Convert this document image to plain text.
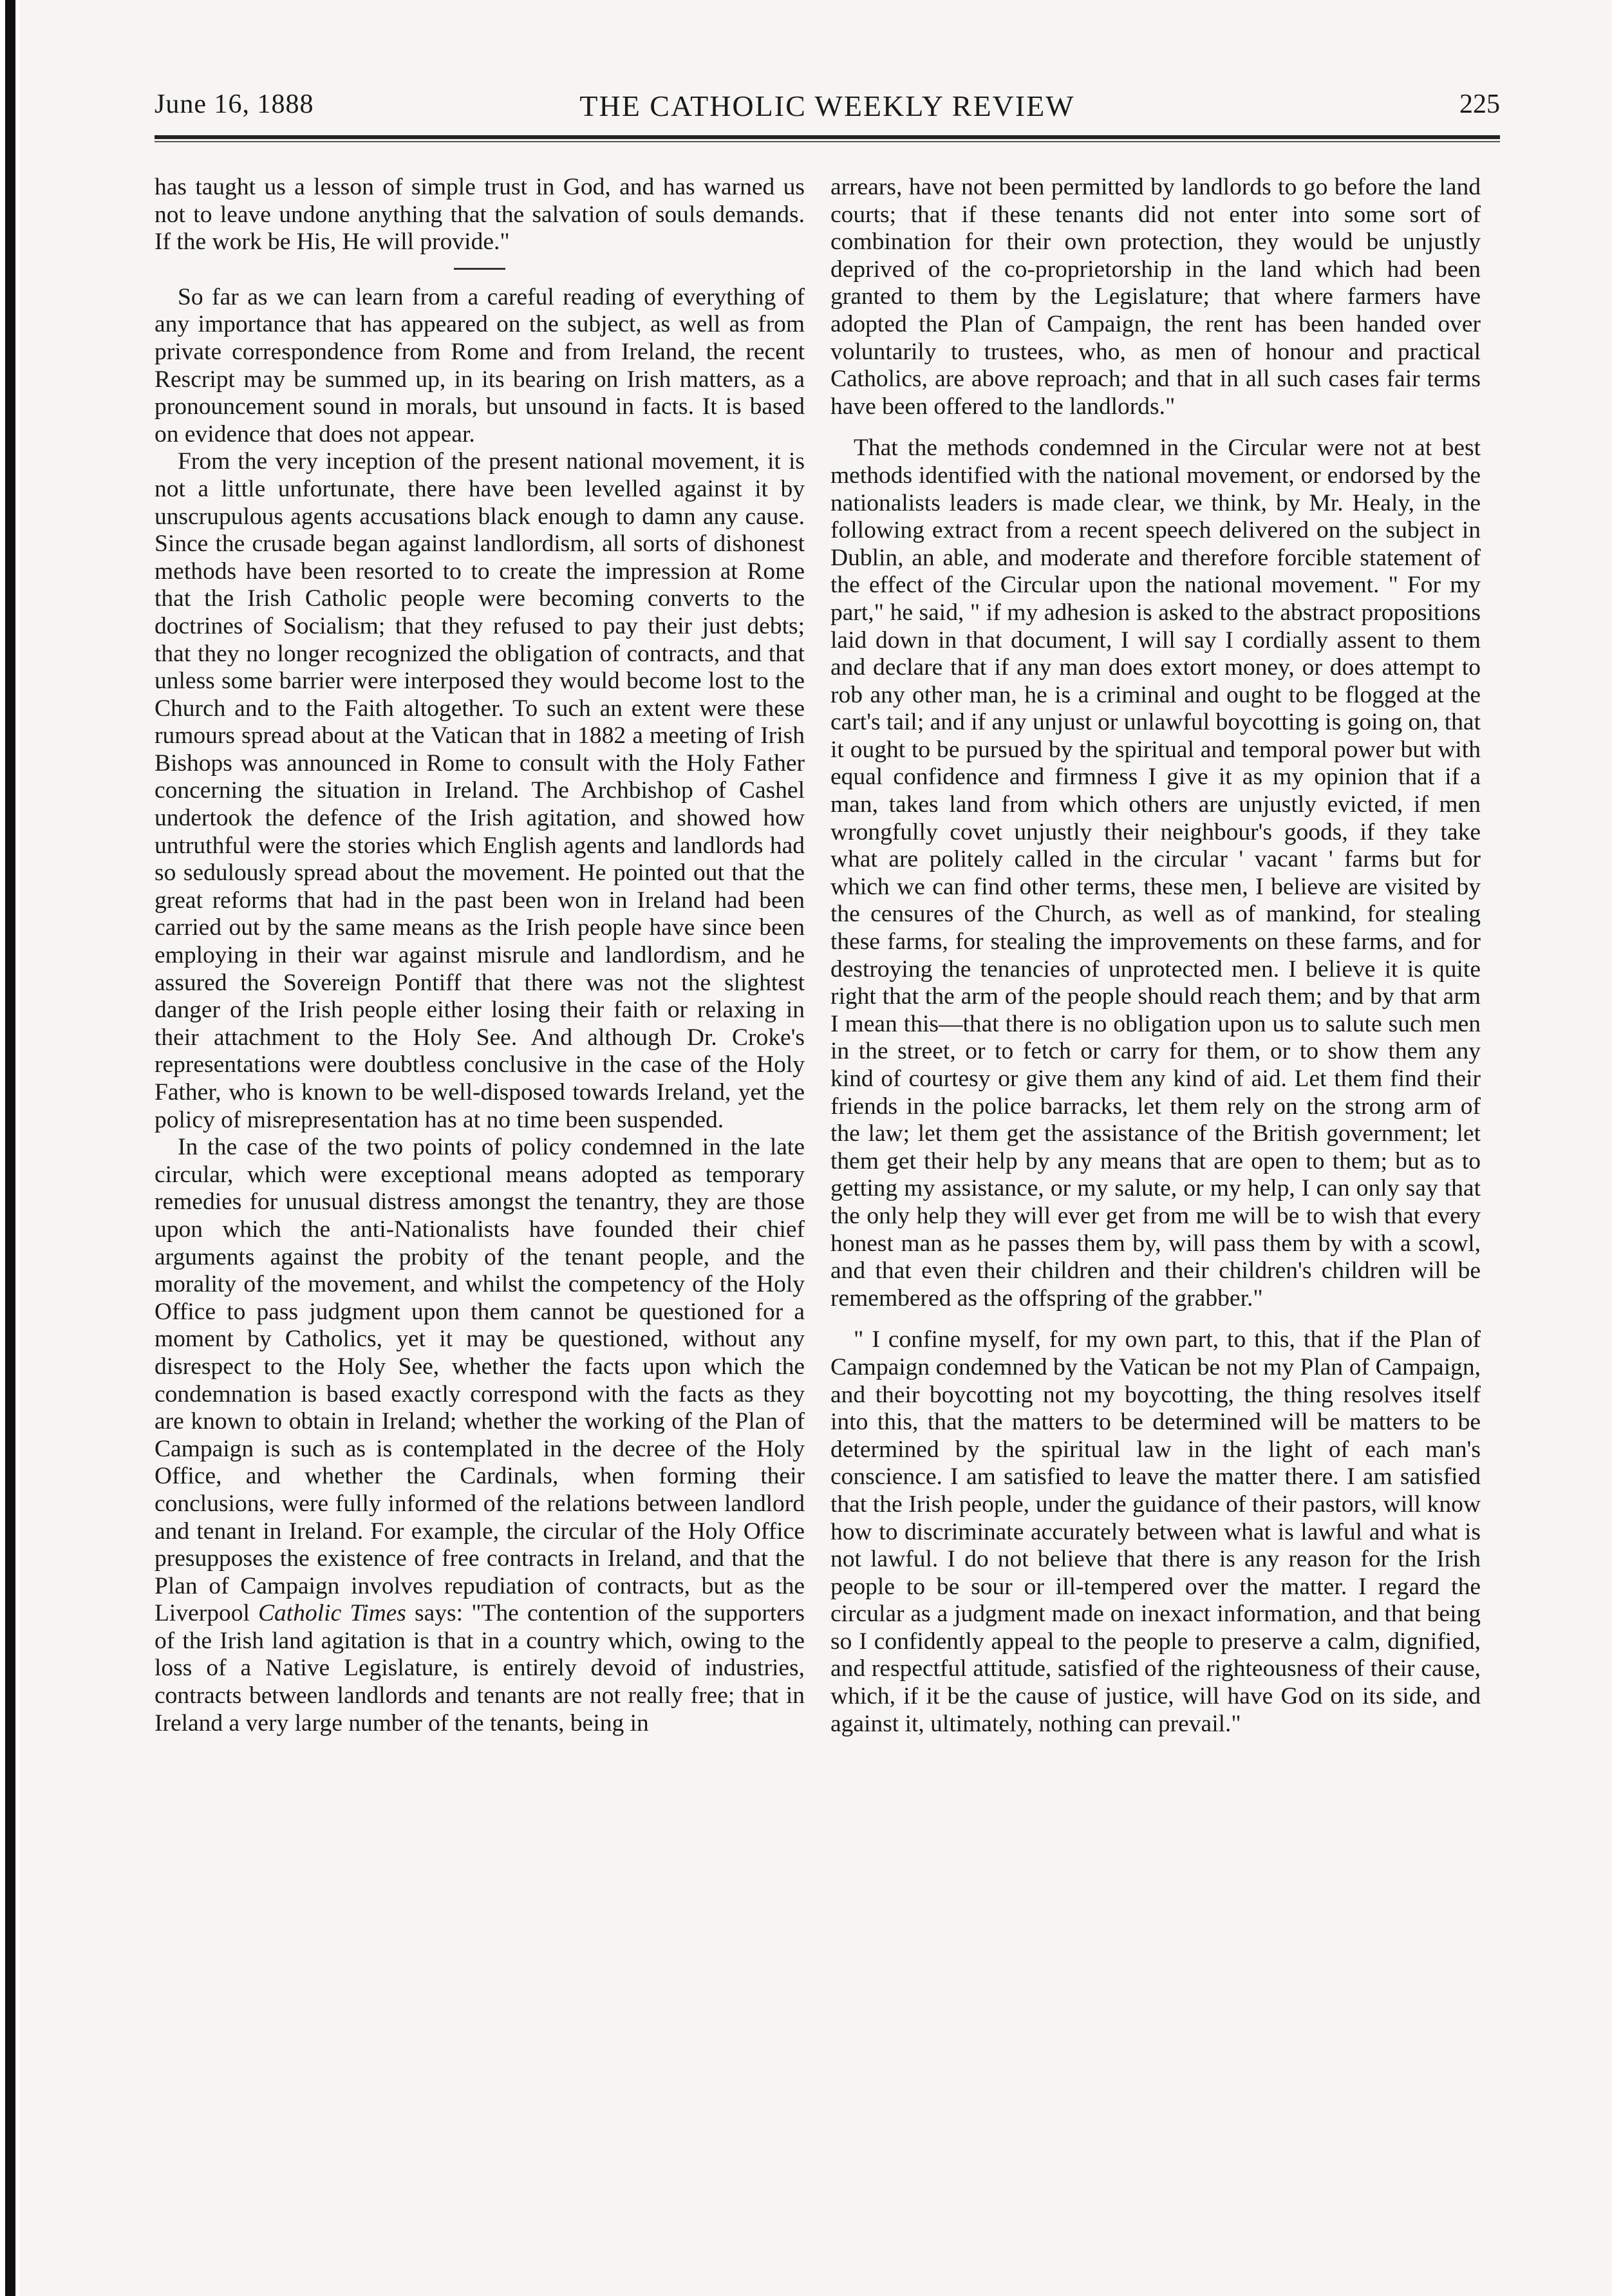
June 16, 1888	THE CATHOLIC WEEKLY REVIEW	225

has taught us a lesson of simple trust in God, and has warned us not to leave undone anything that the salvation of souls demands. If the work be His, He will provide."

So far as we can learn from a careful reading of everything of any importance that has appeared on the subject, as well as from private correspondence from Rome and from Ireland, the recent Rescript may be summed up, in its bearing on Irish matters, as a pronouncement sound in morals, but unsound in facts. It is based on evidence that does not appear.

From the very inception of the present national movement, it is not a little unfortunate, there have been levelled against it by unscrupulous agents accusations black enough to damn any cause. Since the crusade began against landlordism, all sorts of dishonest methods have been resorted to to create the impression at Rome that the Irish Catholic people were becoming converts to the doctrines of Socialism; that they refused to pay their just debts; that they no longer recognized the obligation of contracts, and that unless some barrier were interposed they would become lost to the Church and to the Faith altogether. To such an extent were these rumours spread about at the Vatican that in 1882 a meeting of Irish Bishops was announced in Rome to consult with the Holy Father concerning the situation in Ireland. The Archbishop of Cashel undertook the defence of the Irish agitation, and showed how untruthful were the stories which English agents and landlords had so sedulously spread about the movement. He pointed out that the great reforms that had in the past been won in Ireland had been carried out by the same means as the Irish people have since been employing in their war against misrule and landlordism, and he assured the Sovereign Pontiff that there was not the slightest danger of the Irish people either losing their faith or relaxing in their attachment to the Holy See. And although Dr. Croke's representations were doubtless conclusive in the case of the Holy Father, who is known to be well-disposed towards Ireland, yet the policy of misrepresentation has at no time been suspended.

In the case of the two points of policy condemned in the late circular, which were exceptional means adopted as temporary remedies for unusual distress amongst the tenantry, they are those upon which the anti-Nationalists have founded their chief arguments against the probity of the tenant people, and the morality of the movement, and whilst the competency of the Holy Office to pass judgment upon them cannot be questioned for a moment by Catholics, yet it may be questioned, without any disrespect to the Holy See, whether the facts upon which the condemnation is based exactly correspond with the facts as they are known to obtain in Ireland; whether the working of the Plan of Campaign is such as is contemplated in the decree of the Holy Office, and whether the Cardinals, when forming their conclusions, were fully informed of the relations between landlord and tenant in Ireland. For example, the circular of the Holy Office presupposes the existence of free contracts in Ireland, and that the Plan of Campaign involves repudiation of contracts, but as the Liverpool Catholic Times says: "The contention of the supporters of the Irish land agitation is that in a country which, owing to the loss of a Native Legislature, is entirely devoid of industries, contracts between landlords and tenants are not really free; that in Ireland a very large number of the tenants, being in

arrears, have not been permitted by landlords to go before the land courts; that if these tenants did not enter into some sort of combination for their own protection, they would be unjustly deprived of the co-proprietorship in the land which had been granted to them by the Legislature; that where farmers have adopted the Plan of Campaign, the rent has been handed over voluntarily to trustees, who, as men of honour and practical Catholics, are above reproach; and that in all such cases fair terms have been offered to the landlords."

That the methods condemned in the Circular were not at best methods identified with the national movement, or endorsed by the nationalists leaders is made clear, we think, by Mr. Healy, in the following extract from a recent speech delivered on the subject in Dublin, an able, and moderate and therefore forcible statement of the effect of the Circular upon the national movement. " For my part," he said, " if my adhesion is asked to the abstract propositions laid down in that document, I will say I cordially assent to them and declare that if any man does extort money, or does attempt to rob any other man, he is a criminal and ought to be flogged at the cart's tail; and if any unjust or unlawful boycotting is going on, that it ought to be pursued by the spiritual and temporal power but with equal confidence and firmness I give it as my opinion that if a man, takes land from which others are unjustly evicted, if men wrongfully covet unjustly their neighbour's goods, if they take what are politely called in the circular ' vacant ' farms but for which we can find other terms, these men, I believe are visited by the censures of the Church, as well as of mankind, for stealing these farms, for stealing the improvements on these farms, and for destroying the tenancies of unprotected men. I believe it is quite right that the arm of the people should reach them; and by that arm I mean this—that there is no obligation upon us to salute such men in the street, or to fetch or carry for them, or to show them any kind of courtesy or give them any kind of aid. Let them find their friends in the police barracks, let them rely on the strong arm of the law; let them get the assistance of the British government; let them get their help by any means that are open to them; but as to getting my assistance, or my salute, or my help, I can only say that the only help they will ever get from me will be to wish that every honest man as he passes them by, will pass them by with a scowl, and that even their children and their children's children will be remembered as the offspring of the grabber."

" I confine myself, for my own part, to this, that if the Plan of Campaign condemned by the Vatican be not my Plan of Campaign, and their boycotting not my boycotting, the thing resolves itself into this, that the matters to be determined will be matters to be determined by the spiritual law in the light of each man's conscience. I am satisfied to leave the matter there. I am satisfied that the Irish people, under the guidance of their pastors, will know how to discriminate accurately between what is lawful and what is not lawful. I do not believe that there is any reason for the Irish people to be sour or ill-tempered over the matter. I regard the circular as a judgment made on inexact information, and that being so I confidently appeal to the people to preserve a calm, dignified, and respectful attitude, satisfied of the righteousness of their cause, which, if it be the cause of justice, will have God on its side, and against it, ultimately, nothing can prevail."
